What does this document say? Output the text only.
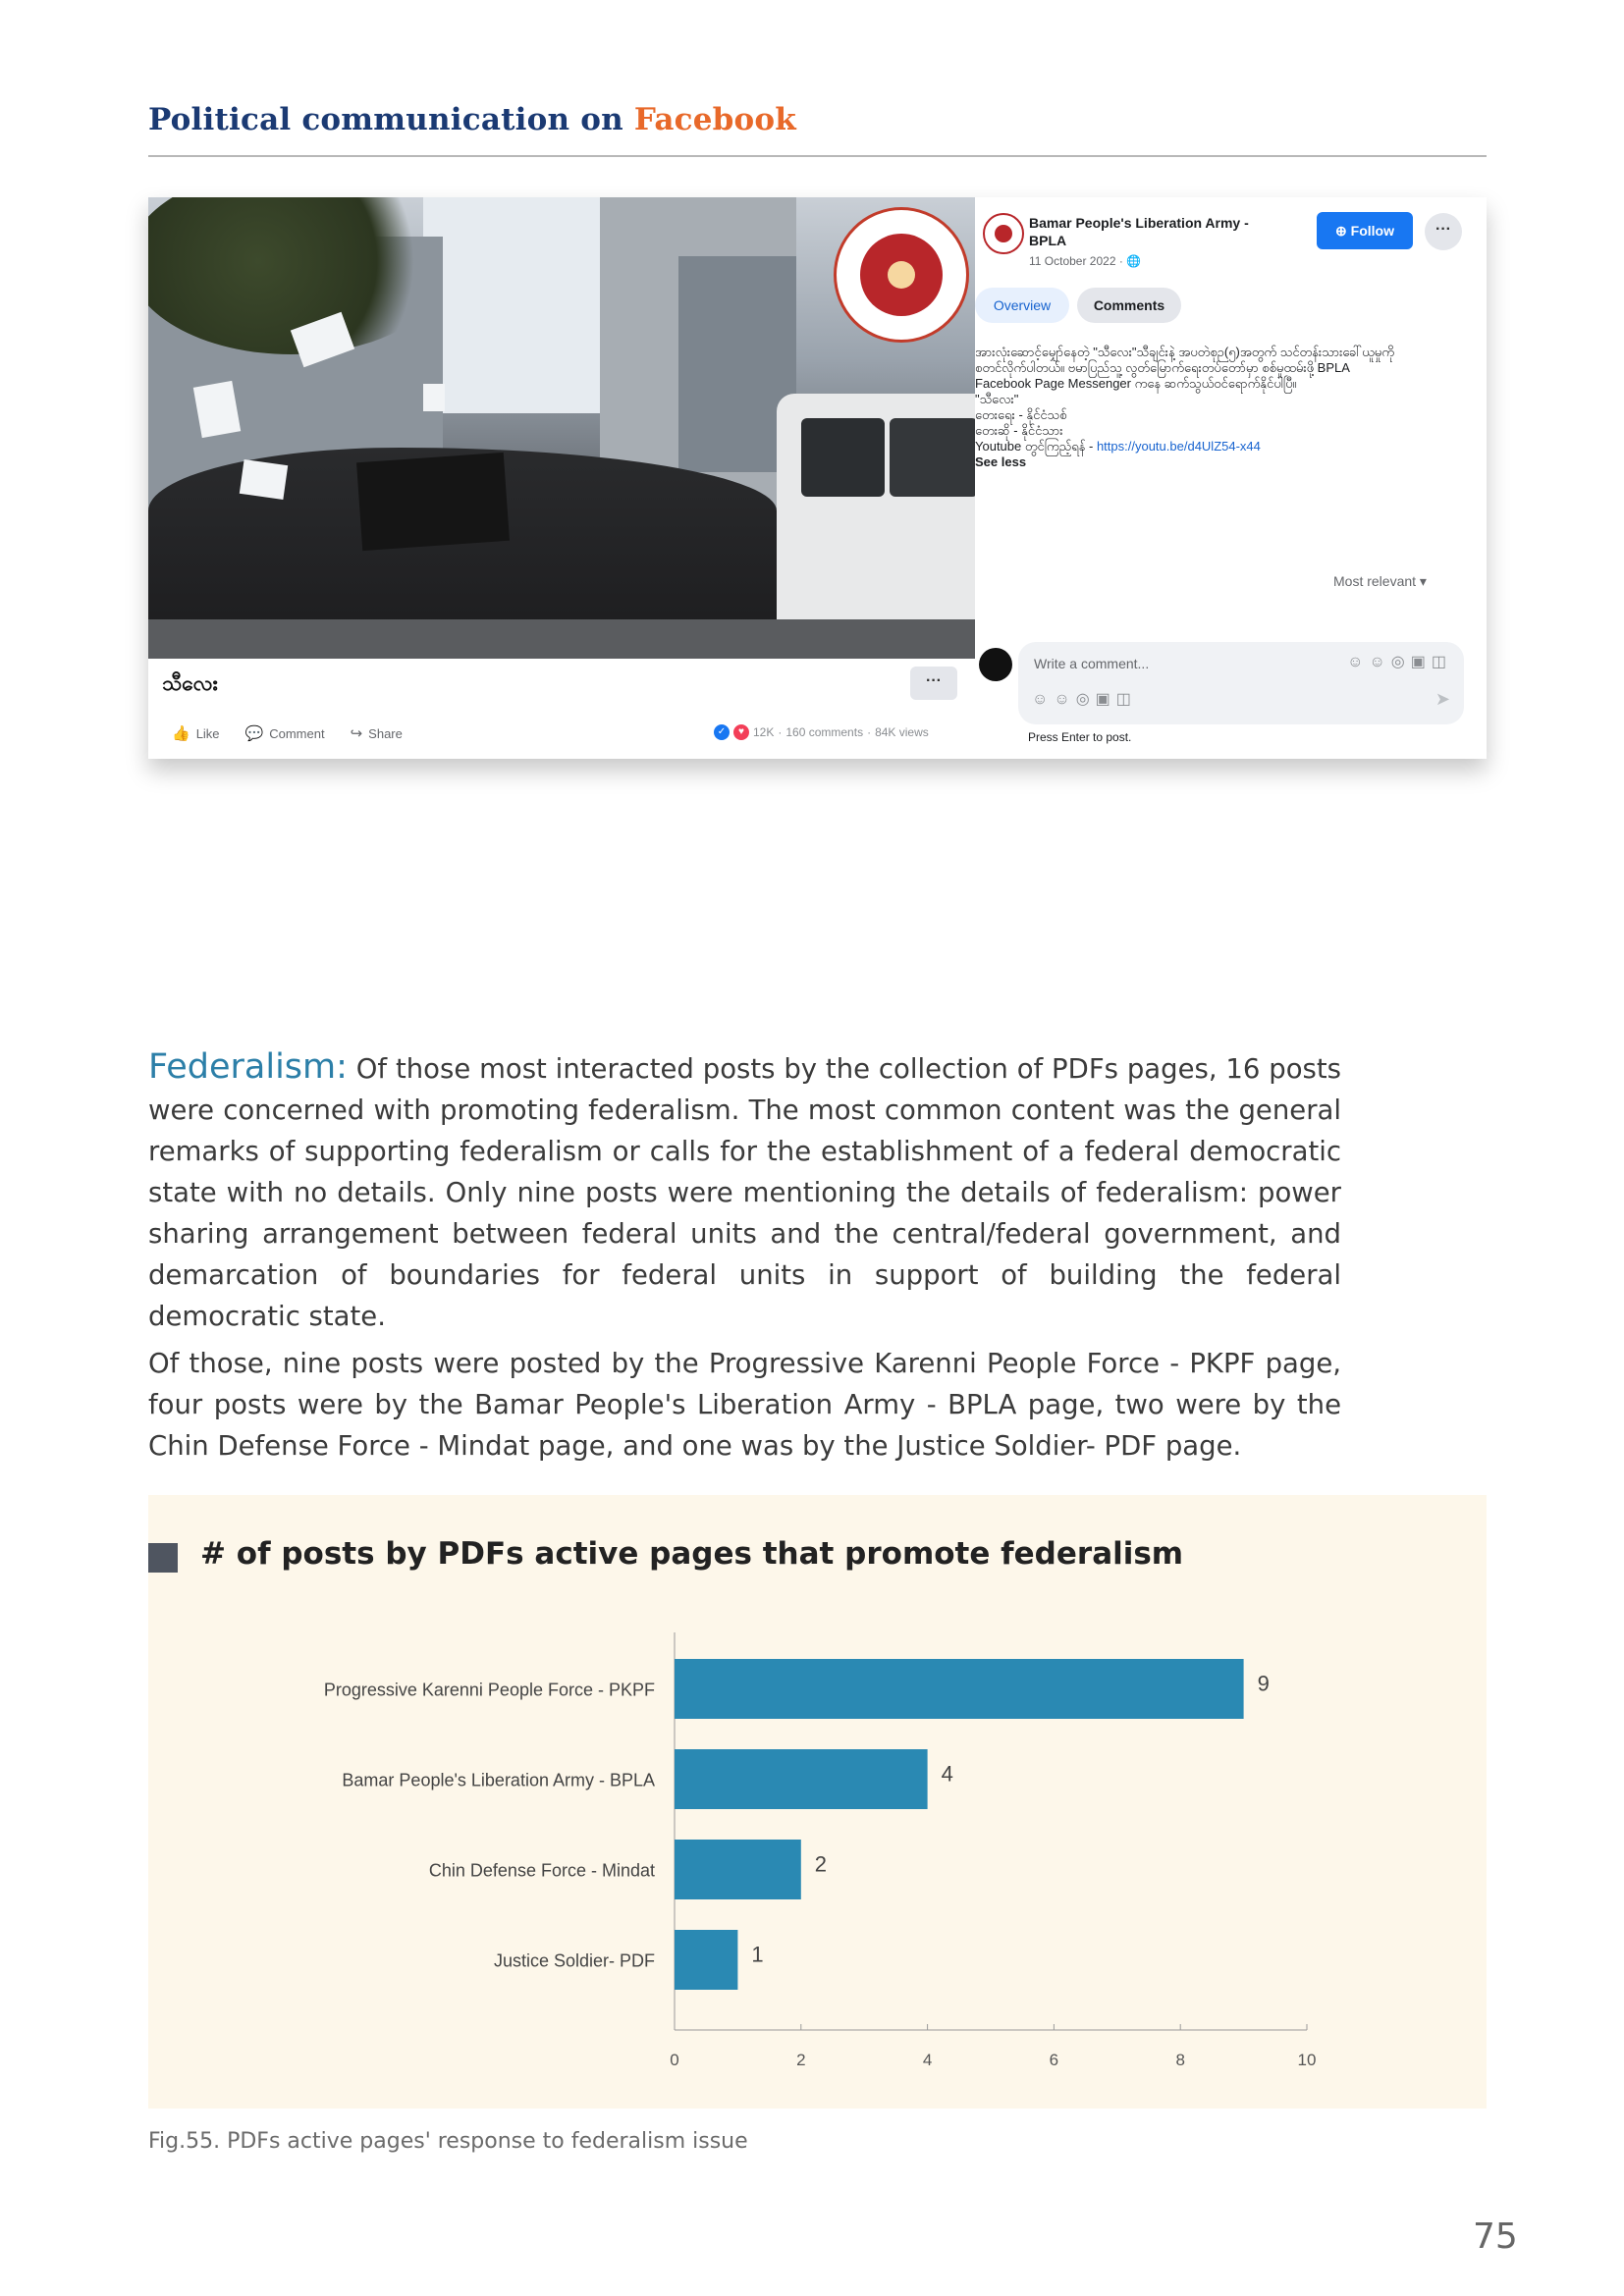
Political communication on Facebook
သီလေး	···
👍 Like 💬 Comment ↪ Share	✓	♥ 12K · 160 comments · 84K views
Bamar People's Liberation Army - BPLA
11 October 2022 · 🌐
⊕ Follow	···
Overview	Comments

အားလုံးဆောင့်မျှော်နေတဲ့ "သီလေး"သီချင်းနဲ့ အပတဲစုဉ(၅)အတွက် သင်တန်းသားခေါ်ယူမှုကို စတင်လိုက်ပါတယ်။ ဗမာပြည်သူ့ လွတ်မြောက်ရေးတပ်တော်မှာ စစ်မှုထမ်းဖို့ BPLA Facebook Page Messenger ကနေ ဆက်သွယ်ဝင်ရောက်နိုင်ပါပြီ။

"သီလေး"

တေးရေး - နိုင်ငံသစ်

တေးဆို - နိုင်ငံသား

Youtube တွင်ကြည့်ရန် - https://youtu.be/d4UlZ54-x44

See less

Most relevant ▾
Write a comment...	☺☺◎▣◫
☺☺◎▣◫	➤
Press Enter to post.
Federalism: Of those most interacted posts by the collection of PDFs pages, 16 posts were concerned with promoting federalism. The most common content was the general remarks of supporting federalism or calls for the establishment of a federal democratic state with no details. Only nine posts were mentioning the details of federalism: power sharing arrangement between federal units and the central/federal government, and demarcation of boundaries for federal units in support of building the federal democratic state.
Of those, nine posts were posted by the Progressive Karenni People Force - PKPF page, four posts were by the Bamar People's Liberation Army - BPLA page, two were by the Chin Defense Force - Mindat page, and one was by the Justice Soldier- PDF page.
# of posts by PDFs active pages that promote federalism
0	2	4	6	8	10
Progressive Karenni People Force - PKPF	9
Bamar People's Liberation Army - BPLA	4
Chin Defense Force - Mindat	2
Justice Soldier- PDF	1
Fig.55. PDFs active pages' response to federalism issue
75
